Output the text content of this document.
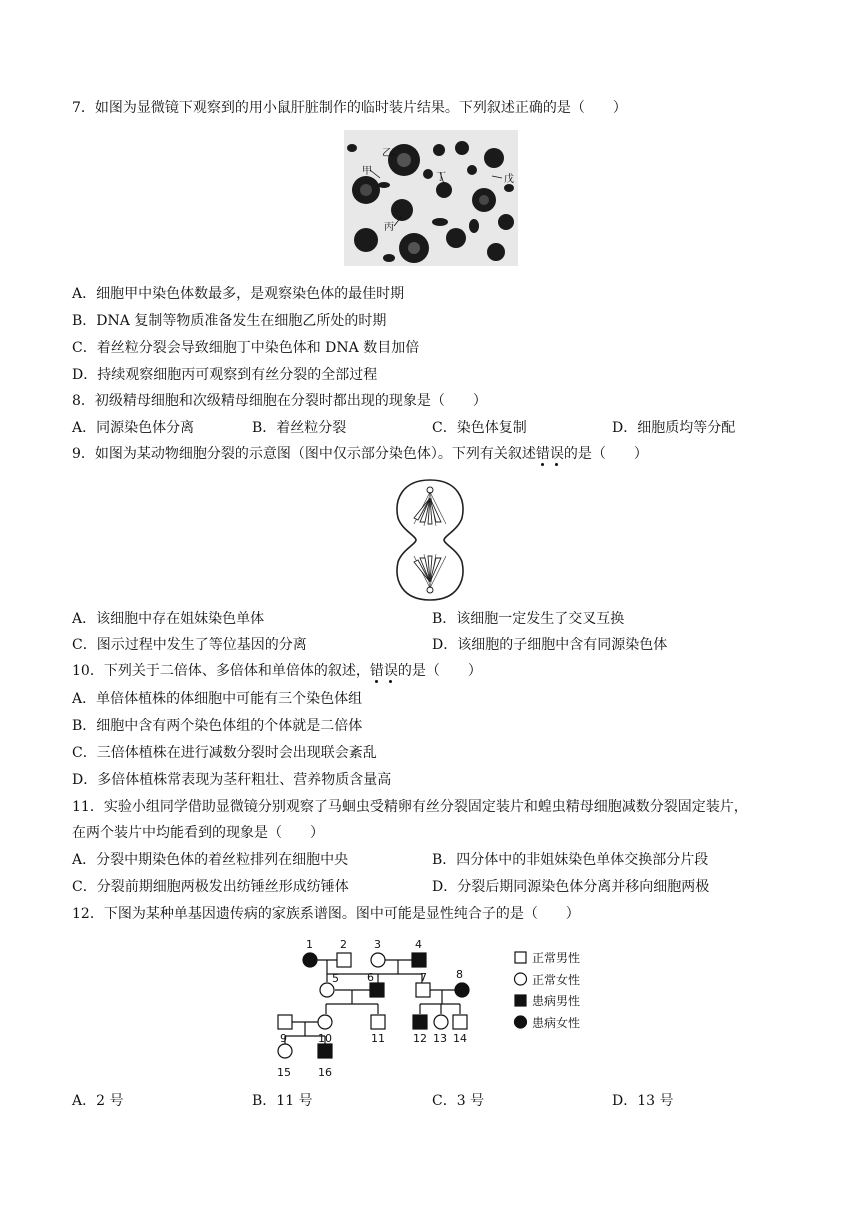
7．如图为显微镜下观察到的用小鼠肝脏制作的临时装片结果。下列叙述正确的是（　　）
甲
乙
丁	戊
丙
A．细胞甲中染色体数最多，是观察染色体的最佳时期
B．DNA 复制等物质准备发生在细胞乙所处的时期
C．着丝粒分裂会导致细胞丁中染色体和 DNA 数目加倍
D．持续观察细胞丙可观察到有丝分裂的全部过程
8．初级精母细胞和次级精母细胞在分裂时都出现的现象是（　　）
A．同源染色体分离	B．着丝粒分裂	C．染色体复制	D．细胞质均等分配
9．如图为某动物细胞分裂的示意图（图中仅示部分染色体）。下列有关叙述错误的是（　　）
A．该细胞中存在姐妹染色单体	B．该细胞一定发生了交叉互换
C．图示过程中发生了等位基因的分离	D．该细胞的子细胞中含有同源染色体
10．下列关于二倍体、多倍体和单倍体的叙述，错误的是（　　）
A．单倍体植株的体细胞中可能有三个染色体组
B．细胞中含有两个染色体组的个体就是二倍体
C．三倍体植株在进行减数分裂时会出现联会紊乱
D．多倍体植株常表现为茎秆粗壮、营养物质含量高
11．实验小组同学借助显微镜分别观察了马蛔虫受精卵有丝分裂固定装片和蝗虫精母细胞减数分裂固定装片，
在两个装片中均能看到的现象是（　　）
A．分裂中期染色体的着丝粒排列在细胞中央	B．四分体中的非姐妹染色单体交换部分片段
C．分裂前期细胞两极发出纺锤丝形成纺锤体	D．分裂后期同源染色体分离并移向细胞两极
12．下图为某种单基因遗传病的家族系谱图。图中可能是显性纯合子的是（　　）
1 2 3	4
5	6	7	8
9	10	11	12 13 14
15 16
正常男性
正常女性
患病男性
患病女性
A．2 号	B．11 号	C．3 号	D．13 号
